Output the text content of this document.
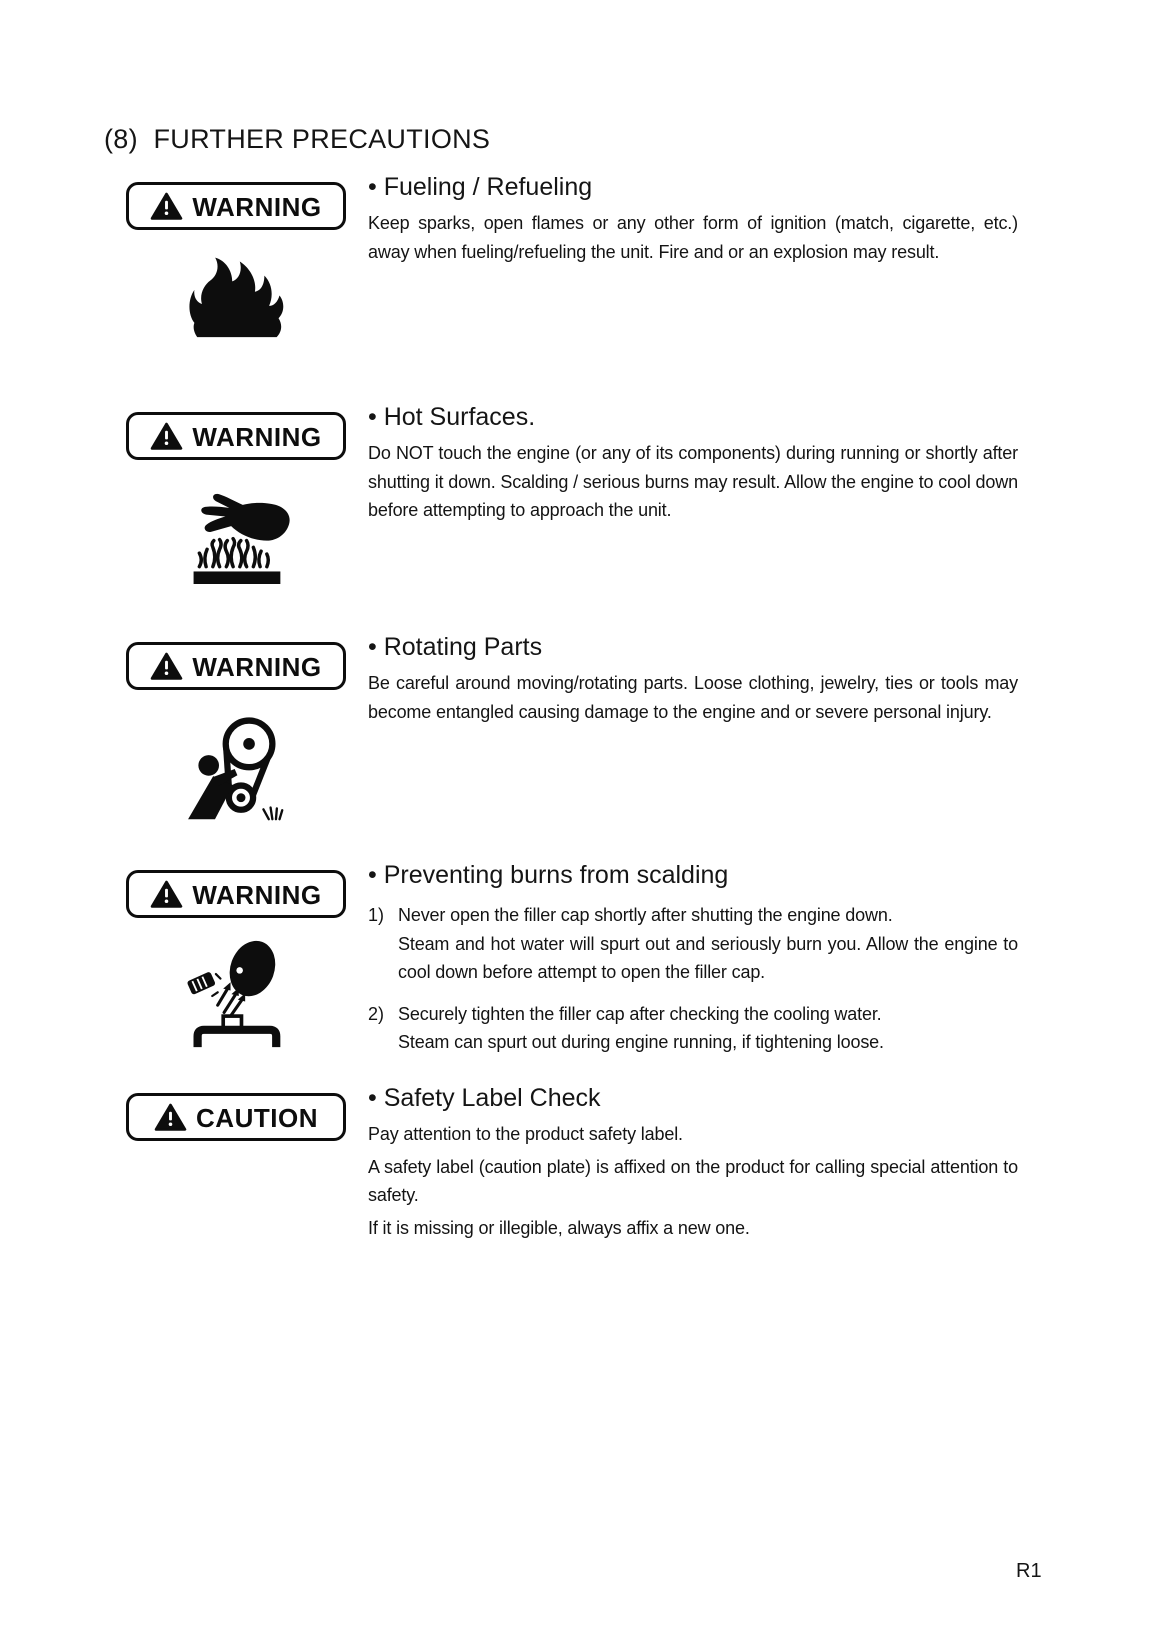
(8)  FURTHER PRECAUTIONS
WARNING
• Fueling / Refueling

Keep sparks, open flames or any other form of ignition (match, cigarette, etc.) away when fueling/refueling the unit. Fire and or an explosion may result.

WARNING
• Hot Surfaces.

Do NOT touch the engine (or any of its components) during running or shortly after shutting it down. Scalding / serious burns may result. Allow the engine to cool down before attempting to approach the unit.

WARNING
• Rotating Parts

Be careful around moving/rotating parts. Loose clothing, jewelry, ties or tools may become entangled causing damage to the engine and or severe personal injury.

WARNING
• Preventing burns from scalding
1) Never open the filler cap shortly after shutting the engine down.
Steam and hot water will spurt out and seriously burn you. Allow the engine to cool down before attempt to open the filler cap.
2) Securely tighten the filler cap after checking the cooling water.
Steam can spurt out during engine running, if tightening loose.
CAUTION
• Safety Label Check

Pay attention to the product safety label.

A safety label (caution plate) is affixed on the product for calling special attention to safety.

If it is missing or illegible, always affix a new one.

R1
